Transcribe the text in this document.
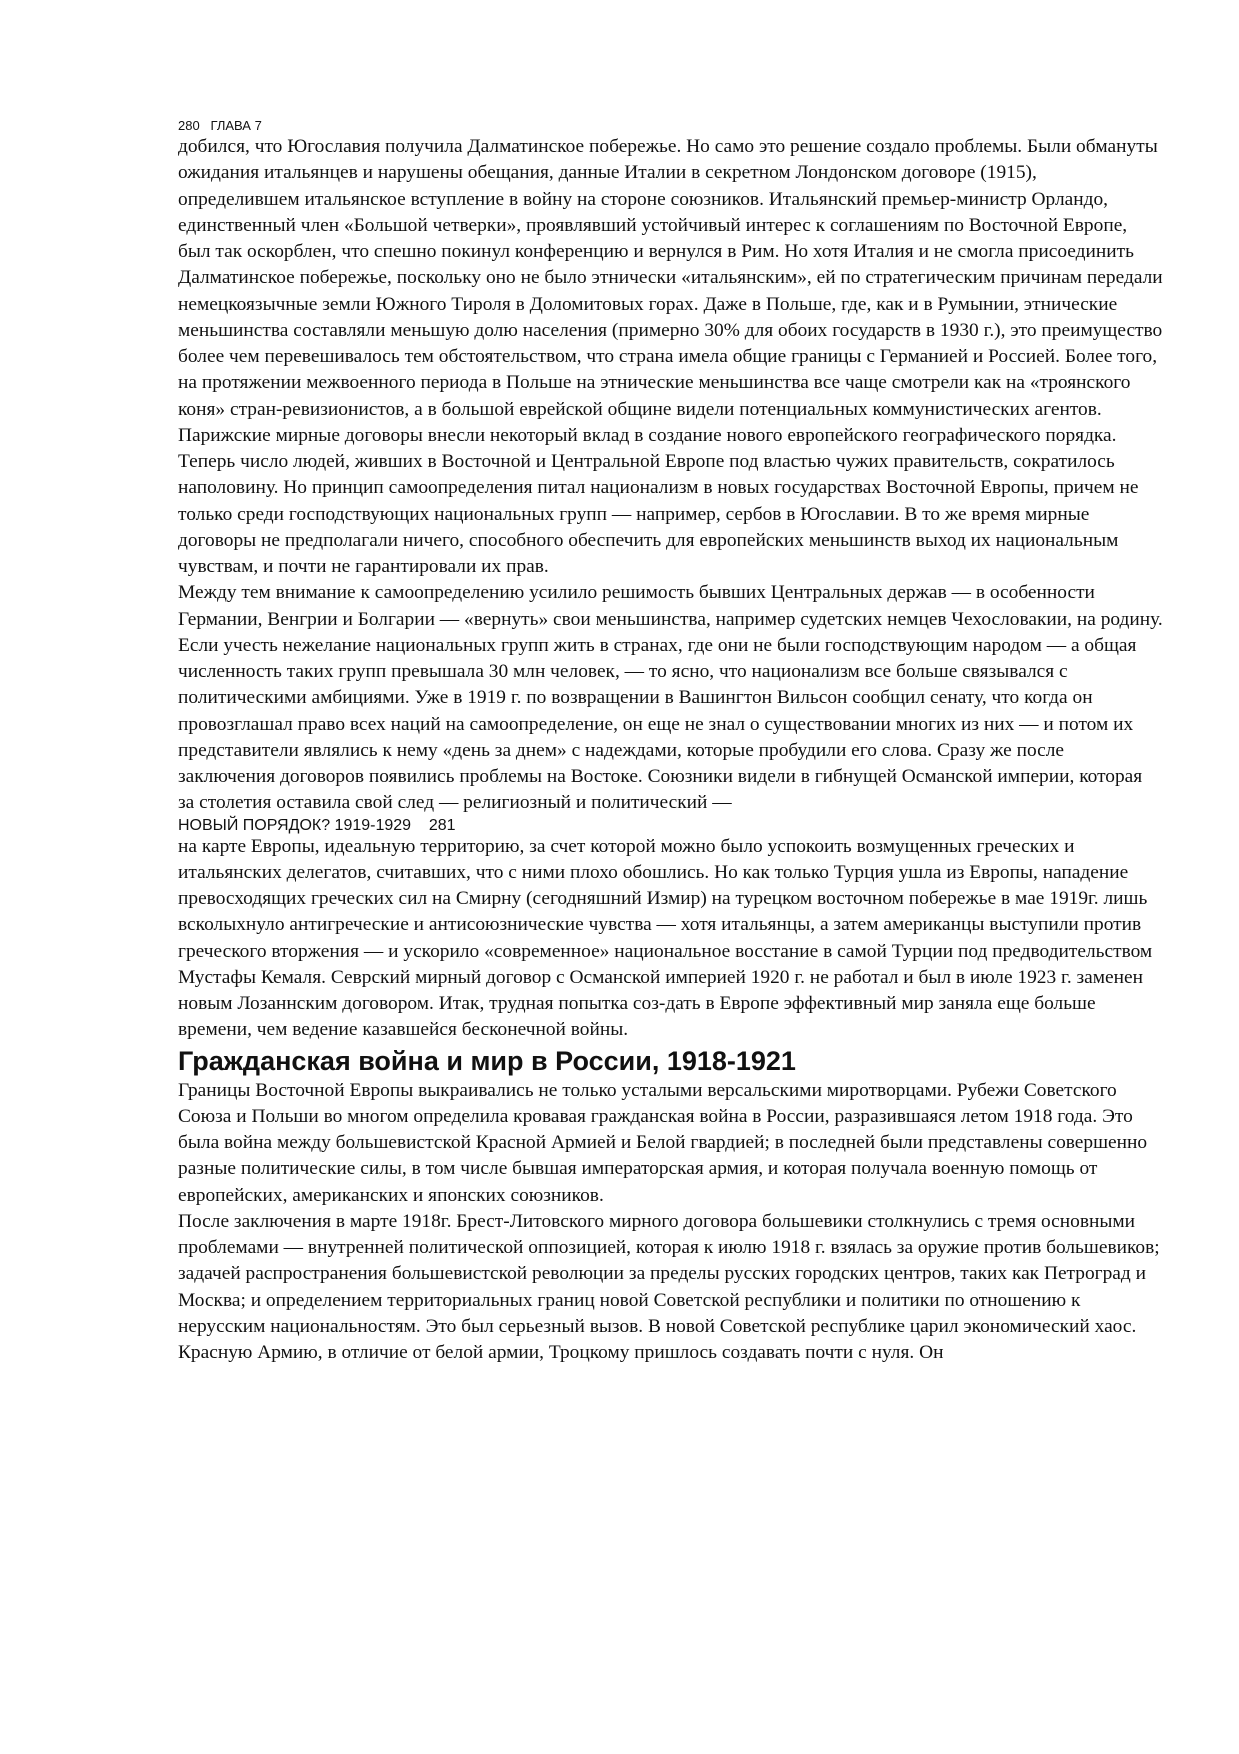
280 ГЛАВА 7

добился, что Югославия получила Далматинское побережье. Но само это решение создало проблемы. Были обмануты ожидания итальянцев и нарушены обещания, данные Италии в секретном Лондонском договоре (1915), определившем итальянское вступление в войну на стороне союзников. Итальянский премьер-министр Орландо, единственный член «Большой четверки», проявлявший устойчивый интерес к соглашениям по Восточной Европе, был так оскорблен, что спешно покинул конференцию и вернулся в Рим. Но хотя Италия и не смогла присоединить Далматинское побережье, поскольку оно не было этнически «итальянским», ей по стратегическим причинам передали немецкоязычные земли Южного Тироля в Доломитовых горах. Даже в Польше, где, как и в Румынии, этнические меньшинства составляли меньшую долю населения (примерно 30% для обоих государств в 1930 г.), это преимущество более чем перевешивалось тем обстоятельством, что страна имела общие границы с Германией и Россией. Более того, на протяжении межвоенного периода в Польше на этнические меньшинства все чаще смотрели как на «троянского коня» стран-ревизионистов, а в большой еврейской общине видели потенциальных коммунистических агентов.

Парижские мирные договоры внесли некоторый вклад в создание нового европейского географического порядка. Теперь число людей, живших в Восточной и Центральной Европе под властью чужих правительств, сократилось наполовину. Но принцип самоопределения питал национализм в новых государствах Восточной Европы, причем не только среди господствующих национальных групп — например, сербов в Югославии. В то же время мирные договоры не предполагали ничего, способного обеспечить для европейских меньшинств выход их национальным чувствам, и почти не гарантировали их прав.

Между тем внимание к самоопределению усилило решимость бывших Центральных держав — в особенности Германии, Венгрии и Болгарии — «вернуть» свои меньшинства, например судетских немцев Чехословакии, на родину. Если учесть нежелание национальных групп жить в странах, где они не были господствующим народом — а общая численность таких групп превышала 30 млн человек, — то ясно, что национализм все больше связывался с политическими амбициями. Уже в 1919 г. по возвращении в Вашингтон Вильсон сообщил сенату, что когда он провозглашал право всех наций на самоопределение, он еще не знал о существовании многих из них — и потом их представители являлись к нему «день за днем» с надеждами, которые пробудили его слова. Сразу же после заключения договоров появились проблемы на Востоке. Союзники видели в гибнущей Османской империи, которая за столетия оставила свой след — религиозный и политический —

НОВЫЙ ПОРЯДОК? 1919-1929 281

на карте Европы, идеальную территорию, за счет которой можно было успокоить возмущенных греческих и итальянских делегатов, считавших, что с ними плохо обошлись. Но как только Турция ушла из Европы, нападение превосходящих греческих сил на Смирну (сегодняшний Измир) на турецком восточном побережье в мае 1919г. лишь всколыхнуло антигреческие и антисоюзнические чувства — хотя итальянцы, а затем американцы выступили против греческого вторжения — и ускорило «современное» национальное восстание в самой Турции под предводительством Мустафы Кемаля. Севрский мирный договор с Османской империей 1920 г. не работал и был в июле 1923 г. заменен новым Лозаннским договором. Итак, трудная попытка соз-дать в Европе эффективный мир заняла еще больше времени, чем ведение казавшейся бесконечной войны.

Гражданская война и мир в России, 1918-1921

Границы Восточной Европы выкраивались не только усталыми версальскими миротворцами. Рубежи Советского Союза и Польши во многом определила кровавая гражданская война в России, разразившаяся летом 1918 года. Это была война между большевистской Красной Армией и Белой гвардией; в последней были представлены совершенно разные политические силы, в том числе бывшая императорская армия, и которая получала военную помощь от европейских, американских и японских союзников.

После заключения в марте 1918г. Брест-Литовского мирного договора большевики столкнулись с тремя основными проблемами — внутренней политической оппозицией, которая к июлю 1918 г. взялась за оружие против большевиков; задачей распространения большевистской революции за пределы русских городских центров, таких как Петроград и Москва; и определением территориальных границ новой Советской республики и политики по отношению к нерусским национальностям. Это был серьезный вызов. В новой Советской республике царил экономический хаос. Красную Армию, в отличие от белой армии, Троцкому пришлось создавать почти с нуля. Он
